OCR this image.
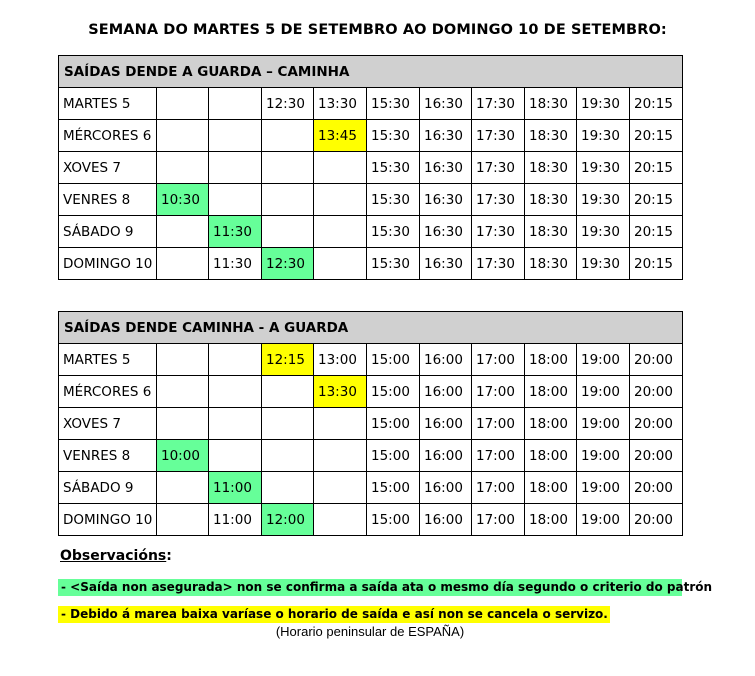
SEMANA DO MARTES 5 DE SETEMBRO AO DOMINGO 10 DE SETEMBRO:
SAÍDAS DENDE A GUARDA – CAMINHA										
MARTES 5			12:30	13:30	15:30	16:30	17:30	18:30	19:30	20:15
MÉRCORES 6				13:45	15:30	16:30	17:30	18:30	19:30	20:15
XOVES 7					15:30	16:30	17:30	18:30	19:30	20:15
VENRES 8	10:30				15:30	16:30	17:30	18:30	19:30	20:15
SÁBADO 9		11:30			15:30	16:30	17:30	18:30	19:30	20:15
DOMINGO 10		11:30	12:30		15:30	16:30	17:30	18:30	19:30	20:15
SAÍDAS DENDE CAMINHA - A GUARDA										
MARTES 5			12:15	13:00	15:00	16:00	17:00	18:00	19:00	20:00
MÉRCORES 6				13:30	15:00	16:00	17:00	18:00	19:00	20:00
XOVES 7					15:00	16:00	17:00	18:00	19:00	20:00
VENRES 8	10:00				15:00	16:00	17:00	18:00	19:00	20:00
SÁBADO 9		11:00			15:00	16:00	17:00	18:00	19:00	20:00
DOMINGO 10		11:00	12:00		15:00	16:00	17:00	18:00	19:00	20:00
Observacións:
- <Saída non asegurada> non se confirma a saída ata o mesmo día segundo o criterio do patrón
- Debido á marea baixa varíase o horario de saída e así non se cancela o servizo.
(Horario peninsular de ESPAÑA)
